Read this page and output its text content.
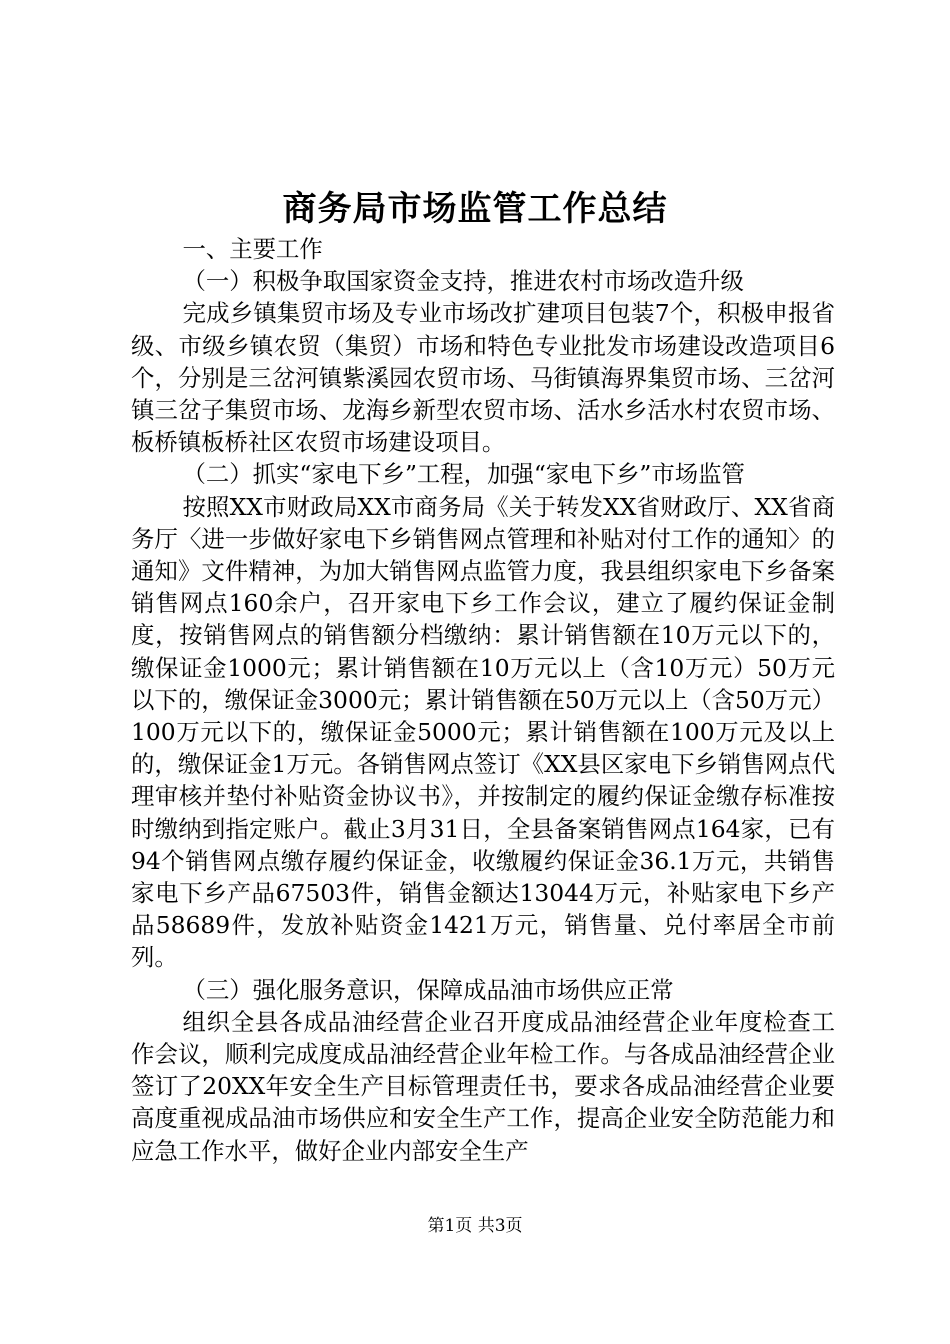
商务局市场监管工作总结

一、主要工作

（一）积极争取国家资金支持，推进农村市场改造升级

完成乡镇集贸市场及专业市场改扩建项目包装7个，积极申报省级、市级乡镇农贸（集贸）市场和特色专业批发市场建设改造项目6个，分别是三岔河镇紫溪园农贸市场、马街镇海界集贸市场、三岔河镇三岔子集贸市场、龙海乡新型农贸市场、活水乡活水村农贸市场、板桥镇板桥社区农贸市场建设项目。

（二）抓实“家电下乡”工程，加强“家电下乡”市场监管

按照XX市财政局XX市商务局《关于转发XX省财政厅、XX省商务厅〈进一步做好家电下乡销售网点管理和补贴对付工作的通知〉的通知》文件精神，为加大销售网点监管力度，我县组织家电下乡备案销售网点160余户，召开家电下乡工作会议，建立了履约保证金制度，按销售网点的销售额分档缴纳：累计销售额在10万元以下的，缴保证金1000元；累计销售额在10万元以上（含10万元）50万元以下的，缴保证金3000元；累计销售额在50万元以上（含50万元）100万元以下的，缴保证金5000元；累计销售额在100万元及以上的，缴保证金1万元。各销售网点签订《XX县区家电下乡销售网点代理审核并垫付补贴资金协议书》，并按制定的履约保证金缴存标准按时缴纳到指定账户。截止3月31日，全县备案销售网点164家，已有94个销售网点缴存履约保证金，收缴履约保证金36.1万元，共销售家电下乡产品67503件，销售金额达13044万元，补贴家电下乡产品58689件，发放补贴资金1421万元，销售量、兑付率居全市前列。

（三）强化服务意识，保障成品油市场供应正常

组织全县各成品油经营企业召开度成品油经营企业年度检查工作会议，顺利完成度成品油经营企业年检工作。与各成品油经营企业签订了20XX年安全生产目标管理责任书，要求各成品油经营企业要高度重视成品油市场供应和安全生产工作，提高企业安全防范能力和应急工作水平，做好企业内部安全生产

第1页 共3页
